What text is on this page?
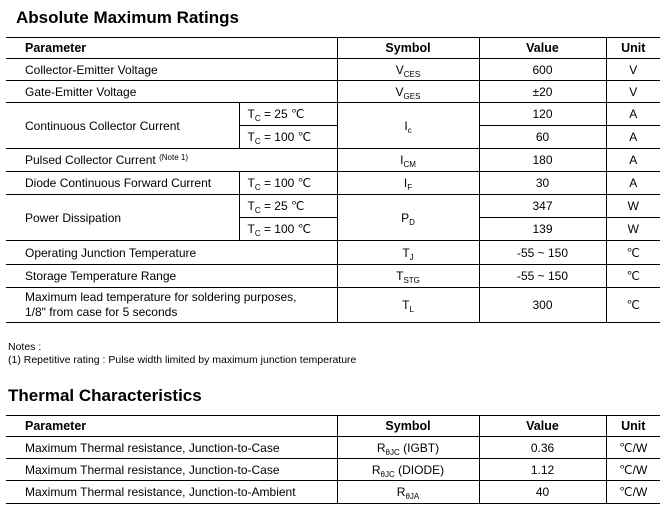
Absolute Maximum Ratings
Parameter		Symbol	Value	Unit
Collector-Emitter Voltage		$V_{CES}$	600	V
Gate-Emitter Voltage		$V_{GES}$	±20	V
Continuous Collector Current	$T_C = 25$ ℃	$I_c$	120	A
	$T_C = 100$ ℃		60	A
Pulsed Collector Current $^{(Note 1)}$		$I_{CM}$	180	A
Diode Continuous Forward Current	$T_C = 100$ ℃	$I_F$	30	A
Power Dissipation	$T_C = 25$ ℃	$P_D$	347	W
	$T_C = 100$ ℃		139	W
Operating Junction Temperature		$T_J$	-55 ~ 150	℃
Storage Temperature Range		$T_{STG}$	-55 ~ 150	℃
Maximum lead temperature for soldering purposes,
1/8" from case for 5 seconds		$T_L$	300	℃
Notes :
(1) Repetitive rating : Pulse width limited by maximum junction temperature
Thermal Characteristics
Parameter	Symbol	Value	Unit
Maximum Thermal resistance, Junction-to-Case	$R_{\theta JC}$ (IGBT)	0.36	℃/W
Maximum Thermal resistance, Junction-to-Case	$R_{\theta JC}$ (DIODE)	1.12	℃/W
Maximum Thermal resistance, Junction-to-Ambient	$R_{\theta JA}$	40	℃/W
